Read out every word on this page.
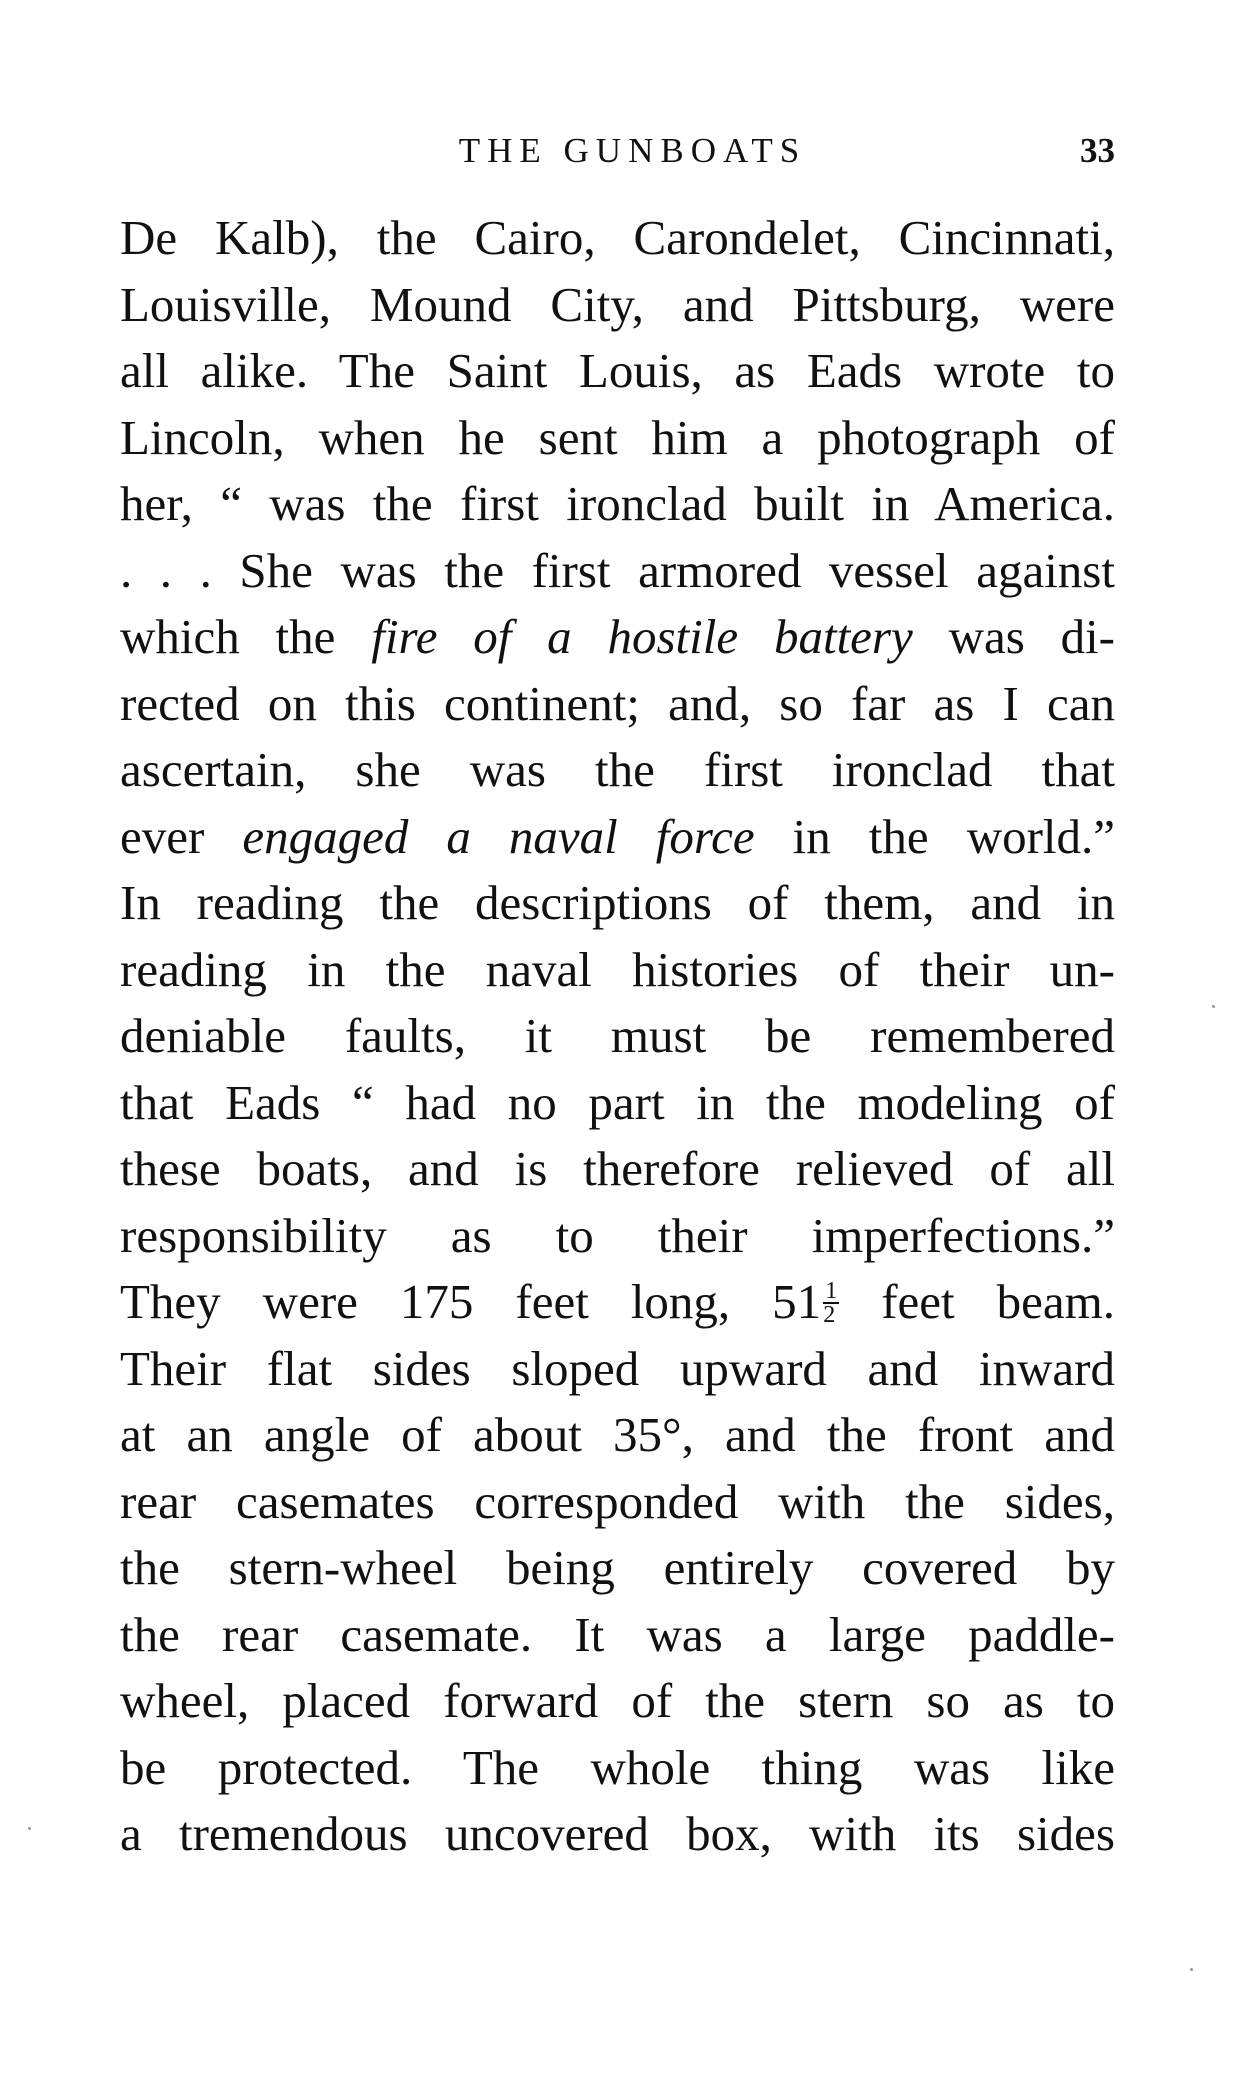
THE GUNBOATS	33
De Kalb), the Cairo, Carondelet, Cincinnati,
Louisville, Mound City, and Pittsburg, were
all alike. The Saint Louis, as Eads wrote to
Lincoln, when he sent him a photograph of
her, “ was the first ironclad built in America.
. . . She was the first armored vessel against
which the fire of a hostile battery was di-
rected on this continent; and, so far as I can
ascertain, she was the first ironclad that
ever engaged a naval force in the world.”
In reading the descriptions of them, and in
reading in the naval histories of their un-
deniable faults, it must be remembered
that Eads “ had no part in the modeling of
these boats, and is therefore relieved of all
responsibility as to their imperfections.”
They were 175 feet long, $51 \frac{1}{2}$ feet beam.
Their flat sides sloped upward and inward
at an angle of about 35°, and the front and
rear casemates corresponded with the sides,
the stern-wheel being entirely covered by
the rear casemate. It was a large paddle-
wheel, placed forward of the stern so as to
be protected. The whole thing was like
a tremendous uncovered box, with its sides
